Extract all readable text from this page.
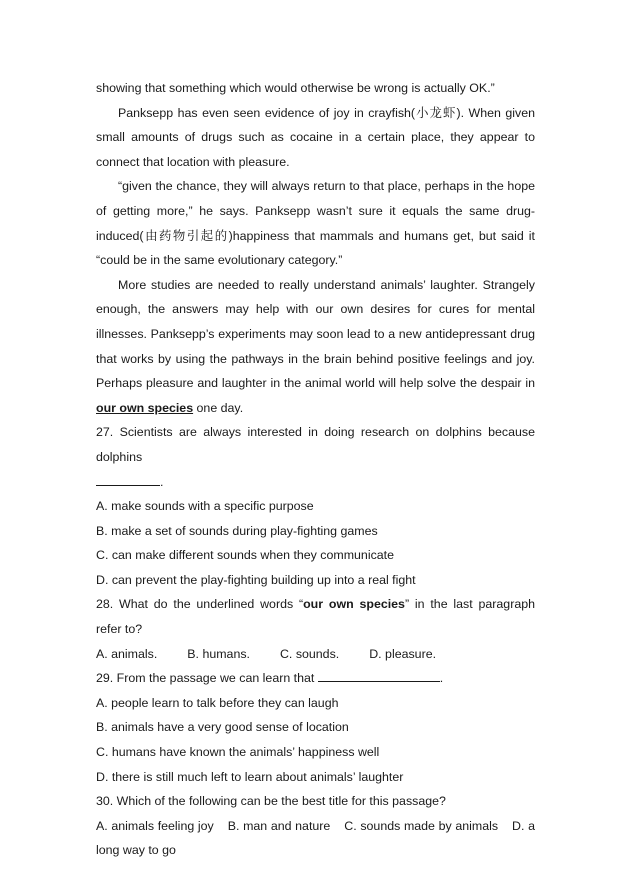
showing that something which would otherwise be wrong is actually OK.”

Panksepp has even seen evidence of joy in crayfish(小龙虾). When given small amounts of drugs such as cocaine in a certain place, they appear to connect that location with pleasure.

“given the chance, they will always return to that place, perhaps in the hope of getting more,” he says. Panksepp wasn’t sure it equals the same drug-induced(由药物引起的)happiness that mammals and humans get, but said it “could be in the same evolutionary category.”

More studies are needed to really understand animals’ laughter. Strangely enough, the answers may help with our own desires for cures for mental illnesses. Panksepp’s experiments may soon lead to a new antidepressant drug that works by using the pathways in the brain behind positive feelings and joy. Perhaps pleasure and laughter in the animal world will help solve the despair in our own species one day.

27. Scientists are always interested in doing research on dolphins because dolphins

.

A. make sounds with a specific purpose

B. make a set of sounds during play-fighting games

C. can make different sounds when they communicate

D. can prevent the play-fighting building up into a real fight

28. What do the underlined words “our own species” in the last paragraph refer to?

A. animals. B. humans. C. sounds. D. pleasure.

29. From the passage we can learn that	.

A. people learn to talk before they can laugh

B. animals have a very good sense of location

C. humans have known the animals’ happiness well

D. there is still much left to learn about animals’ laughter

30. Which of the following can be the best title for this passage?

A. animals feeling joy B. man and nature C. sounds made by animals D. a long way to go
